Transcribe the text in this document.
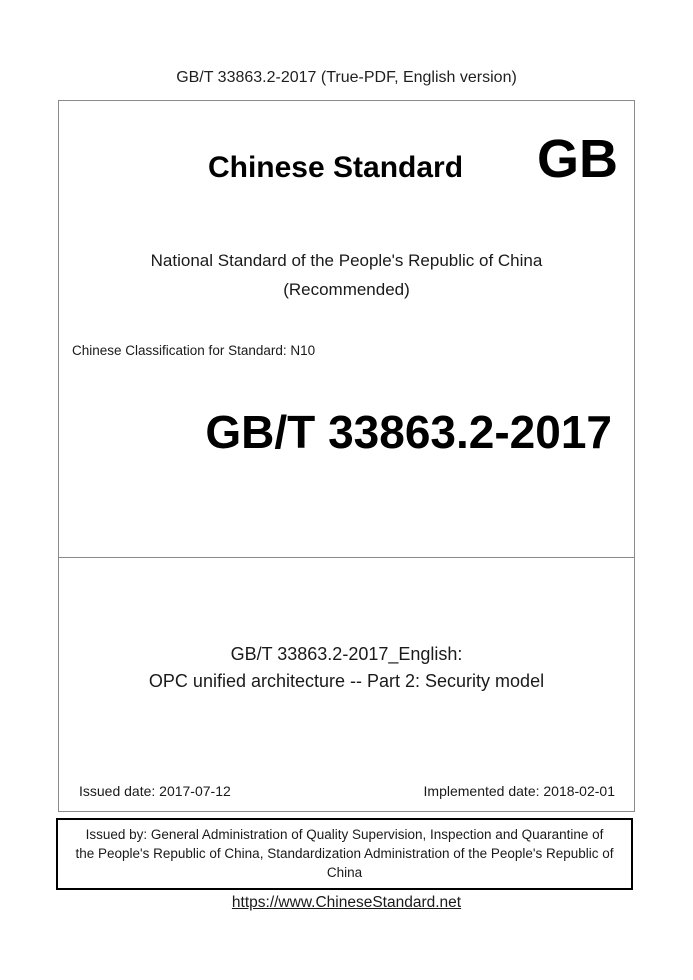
GB/T 33863.2-2017 (True-PDF, English version)
Chinese Standard	GB
National Standard of the People's Republic of China
(Recommended)
Chinese Classification for Standard: N10
GB/T 33863.2-2017
GB/T 33863.2-2017_English:
OPC unified architecture -- Part 2: Security model
Issued date: 2017-07-12	Implemented date: 2018-02-01
Issued by: General Administration of Quality Supervision, Inspection and Quarantine of
the People's Republic of China, Standardization Administration of the People's Republic of
China
https://www.ChineseStandard.net
